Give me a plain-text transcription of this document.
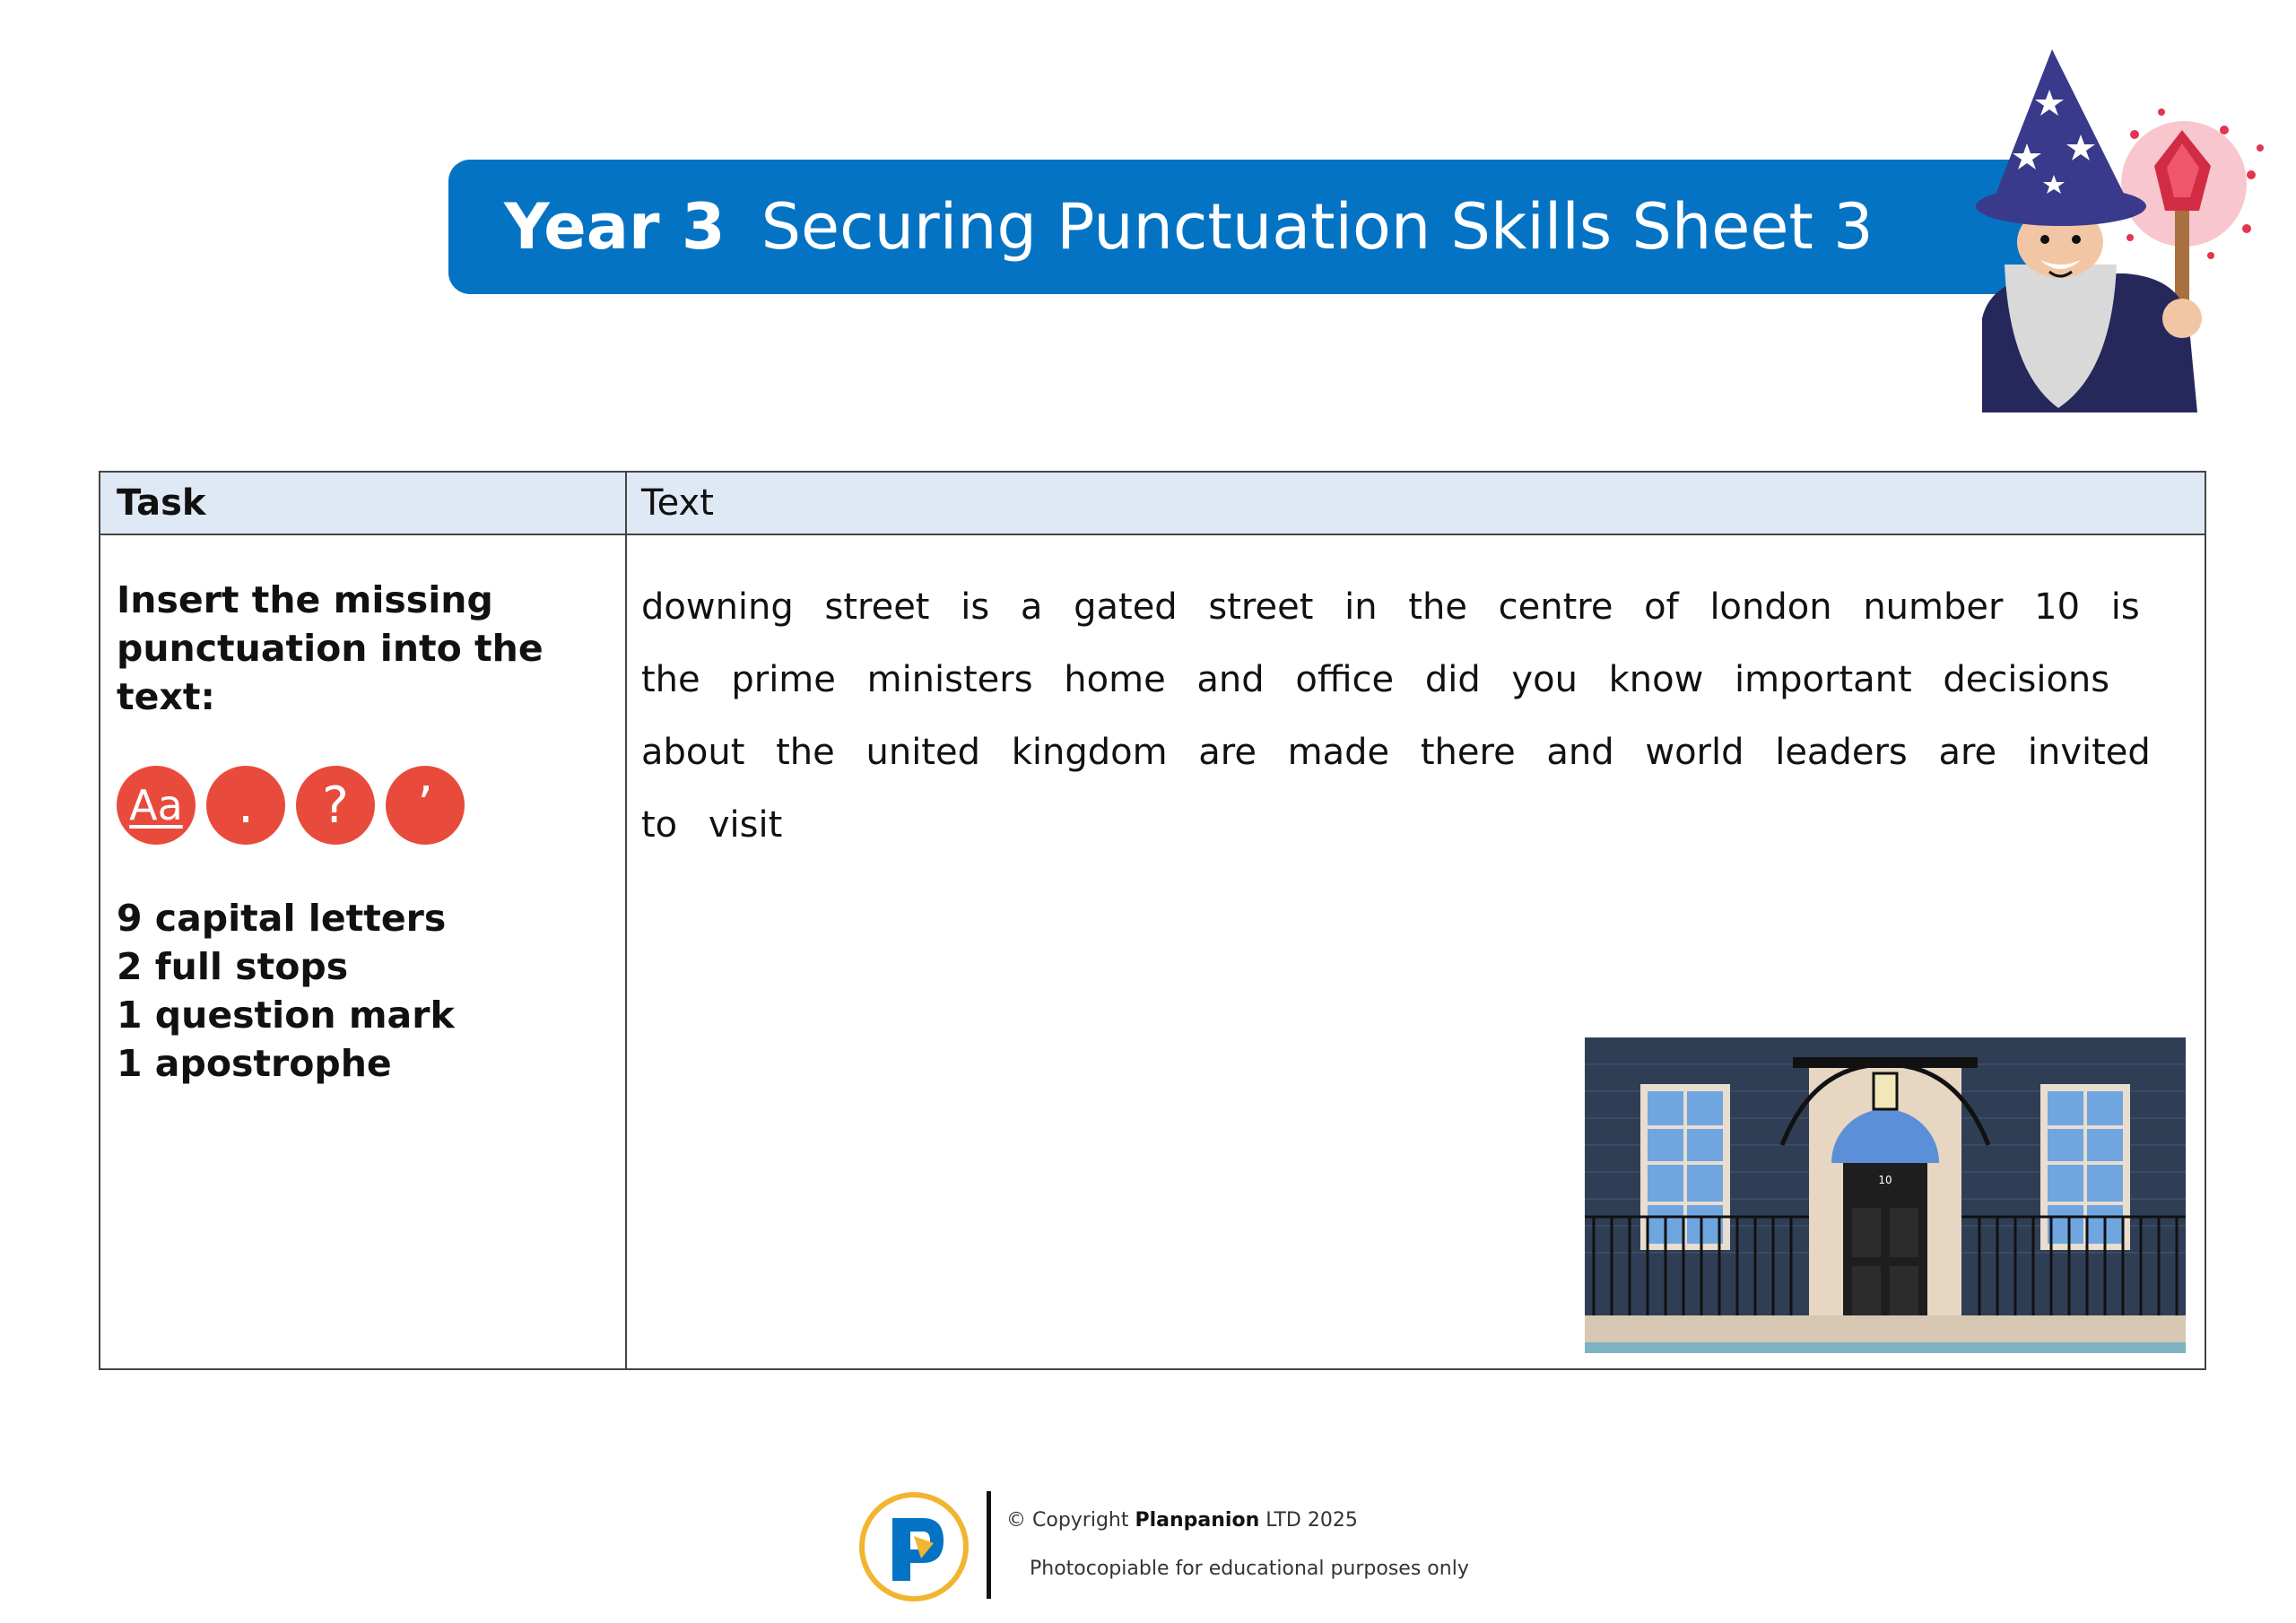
Year 3 Securing Punctuation Skills Sheet 3
Task	Text

Insert the missing
punctuation into the text:

Aa	.	?	’
9 capital letters
2 full stops
1 question mark
1 apostrophe
downing street is a gated street in the centre of london number 10 is
the prime ministers home and office did you know important decisions
about the united kingdom are made there and world leaders are invited
to visit
10
© Copyright Planpanion LTD 2025
Photocopiable for educational purposes only
